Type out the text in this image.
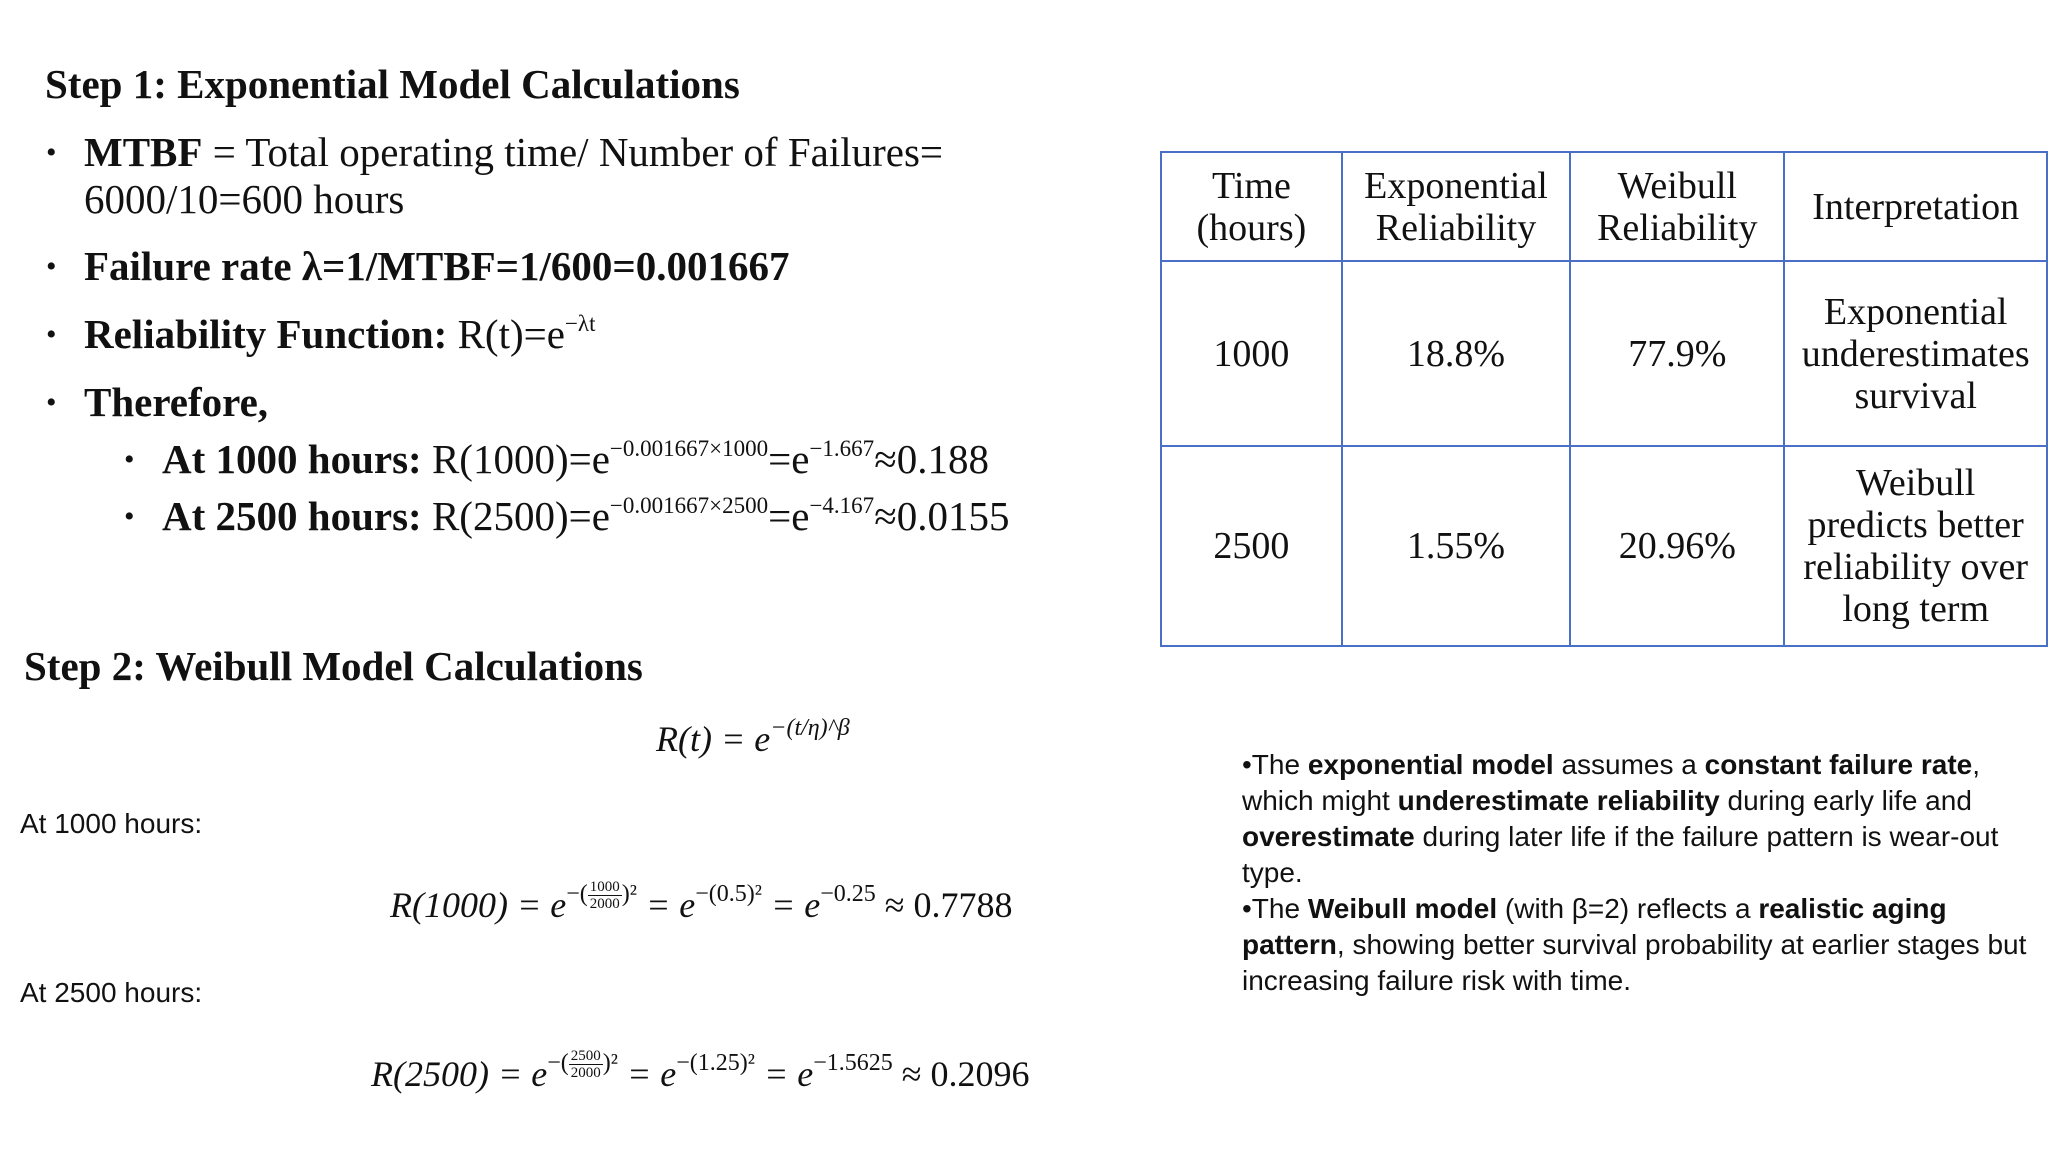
Step 1: Exponential Model Calculations
• MTBF = Total operating time/ Number of Failures=
6000/10=600 hours
• Failure rate λ=1/MTBF=1/600=0.001667
• Reliability Function: $R(t)=e^{-\lambda t}$
• Therefore,
• At 1000 hours: $R(1000)=e^{-0.001667\times 1000}=e^{-1.667}\approx 0.188$
• At 2500 hours: $R(2500)=e^{-0.001667\times 2500}=e^{-4.167}\approx 0.0155$
Time (hours)	Exponential Reliability	Weibull Reliability	Interpretation
1000	18.8%	77.9%	Exponential underestimates survival
2500	1.55%	20.96%	Weibull predicts better reliability over long term
Step 2: Weibull Model Calculations
$R(t) = e^{-(t/\eta)\^{}\beta}$
At 1000 hours:
$R(1000) = e^{-( \frac{1000}{2000} )^2} = e^{-(0.5)^2} = e^{-0.25} \approx 0.7788$
At 2500 hours:
$R(2500) = e^{-( \frac{2500}{2000} )^2} = e^{-(1.25)^2} = e^{-1.5625} \approx 0.2096$

•The exponential model assumes a constant failure rate, which might underestimate reliability during early life and overestimate during later life if the failure pattern is wear-out type.

•The Weibull model (with β=2) reflects a realistic aging pattern, showing better survival probability at earlier stages but increasing failure risk with time.
